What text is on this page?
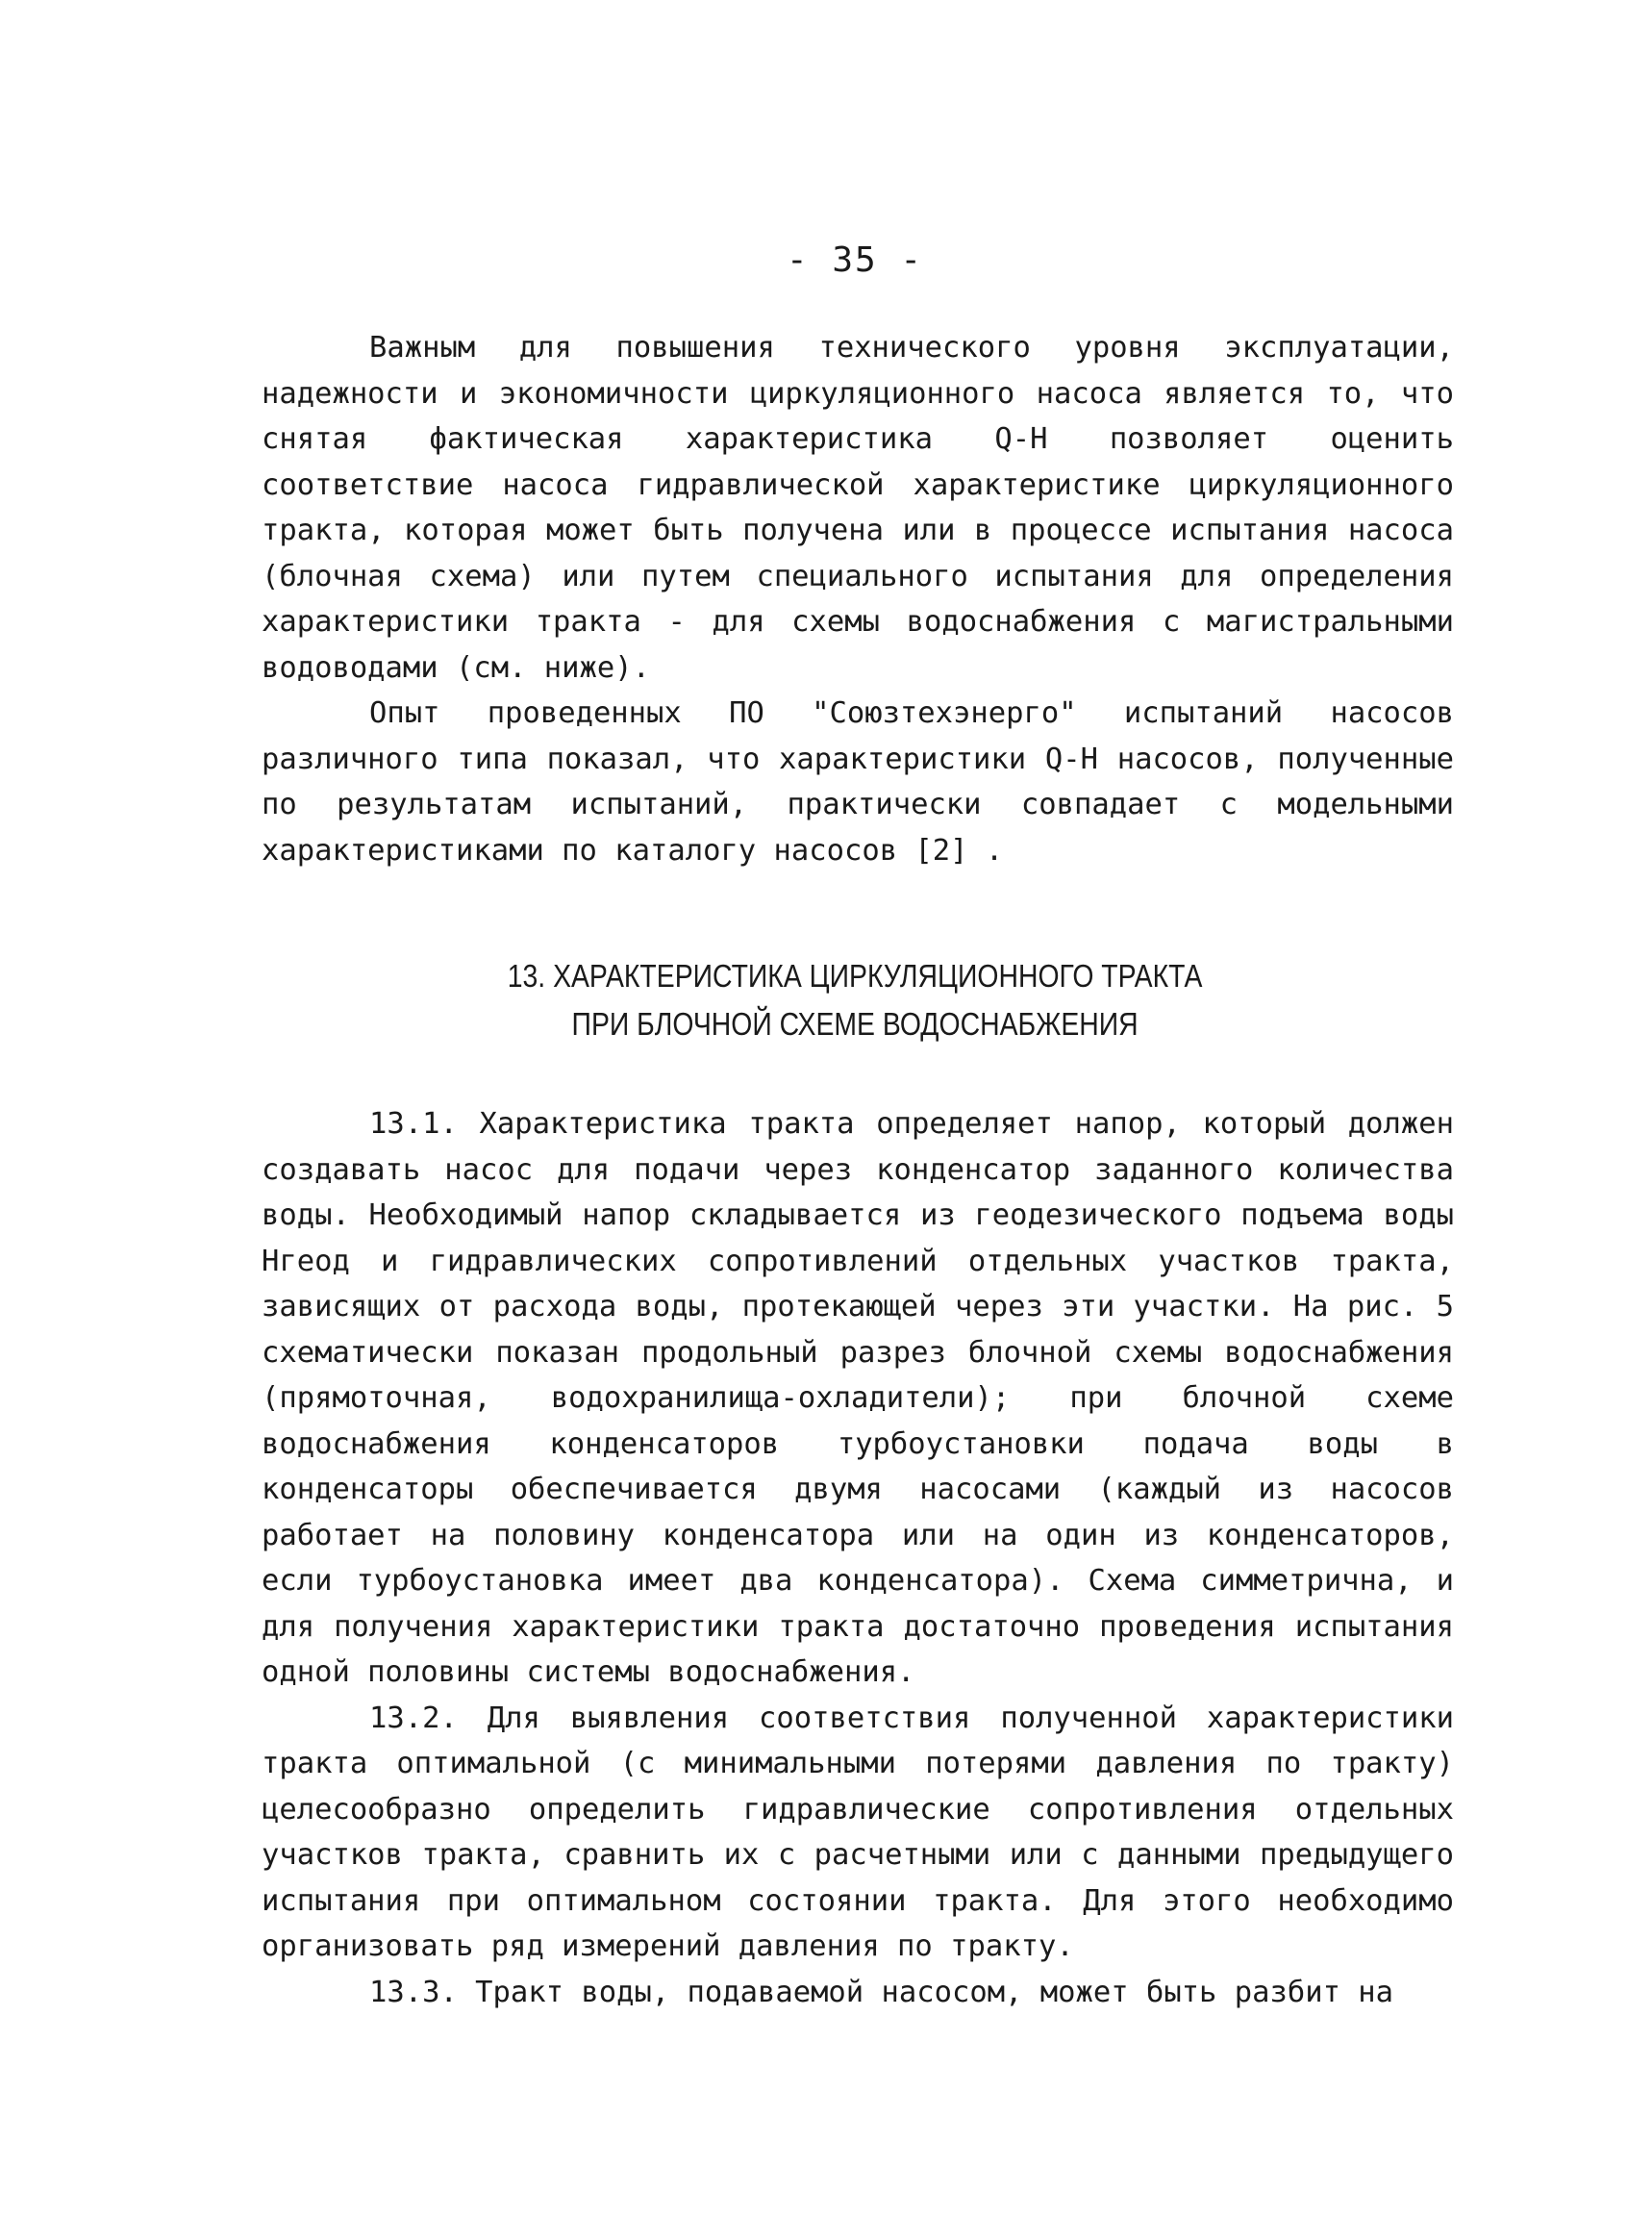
- 35 -

Важным для повышения технического уровня эксплуатации, надежности и экономичности циркуляционного насоса является то, что снятая фактическая характеристика Q-H позволяет оценить соответствие насоса гидравлической характеристике циркуляционного тракта, которая может быть получена или в процессе испытания насоса (блочная схема) или путем специального испытания для определения характеристики тракта - для схемы водоснабжения с магистральными водоводами (см. ниже).

Опыт проведенных ПО "Союзтехэнерго" испытаний насосов различного типа показал, что характеристики Q-H насосов, полученные по результатам испытаний, практически совпадает с модельными характеристиками по каталогу насосов [2] .

13. ХАРАКТЕРИСТИКА ЦИРКУЛЯЦИОННОГО ТРАКТА
ПРИ БЛОЧНОЙ СХЕМЕ ВОДОСНАБЖЕНИЯ

13.1. Характеристика тракта определяет напор, который должен создавать насос для подачи через конденсатор заданного количества воды. Необходимый напор складывается из геодезического подъема воды Hгеод и гидравлических сопротивлений отдельных участков тракта, зависящих от расхода воды, протекающей через эти участки. На рис. 5 схематически показан продольный разрез блочной схемы водоснабжения (прямоточная, водохранилища-охладители); при блочной схеме водоснабжения конденсаторов турбоустановки подача воды в конденсаторы обеспечивается двумя насосами (каждый из насосов работает на половину конденсатора или на один из конденсаторов, если турбоустановка имеет два конденсатора). Схема симметрична, и для получения характеристики тракта достаточно проведения испытания одной половины системы водоснабжения.

13.2. Для выявления соответствия полученной характеристики тракта оптимальной (с минимальными потерями давления по тракту) целесообразно определить гидравлические сопротивления отдельных участков тракта, сравнить их с расчетными или с данными предыдущего испытания при оптимальном состоянии тракта. Для этого необходимо организовать ряд измерений давления по тракту.

13.3. Тракт воды, подаваемой насосом, может быть разбит на
